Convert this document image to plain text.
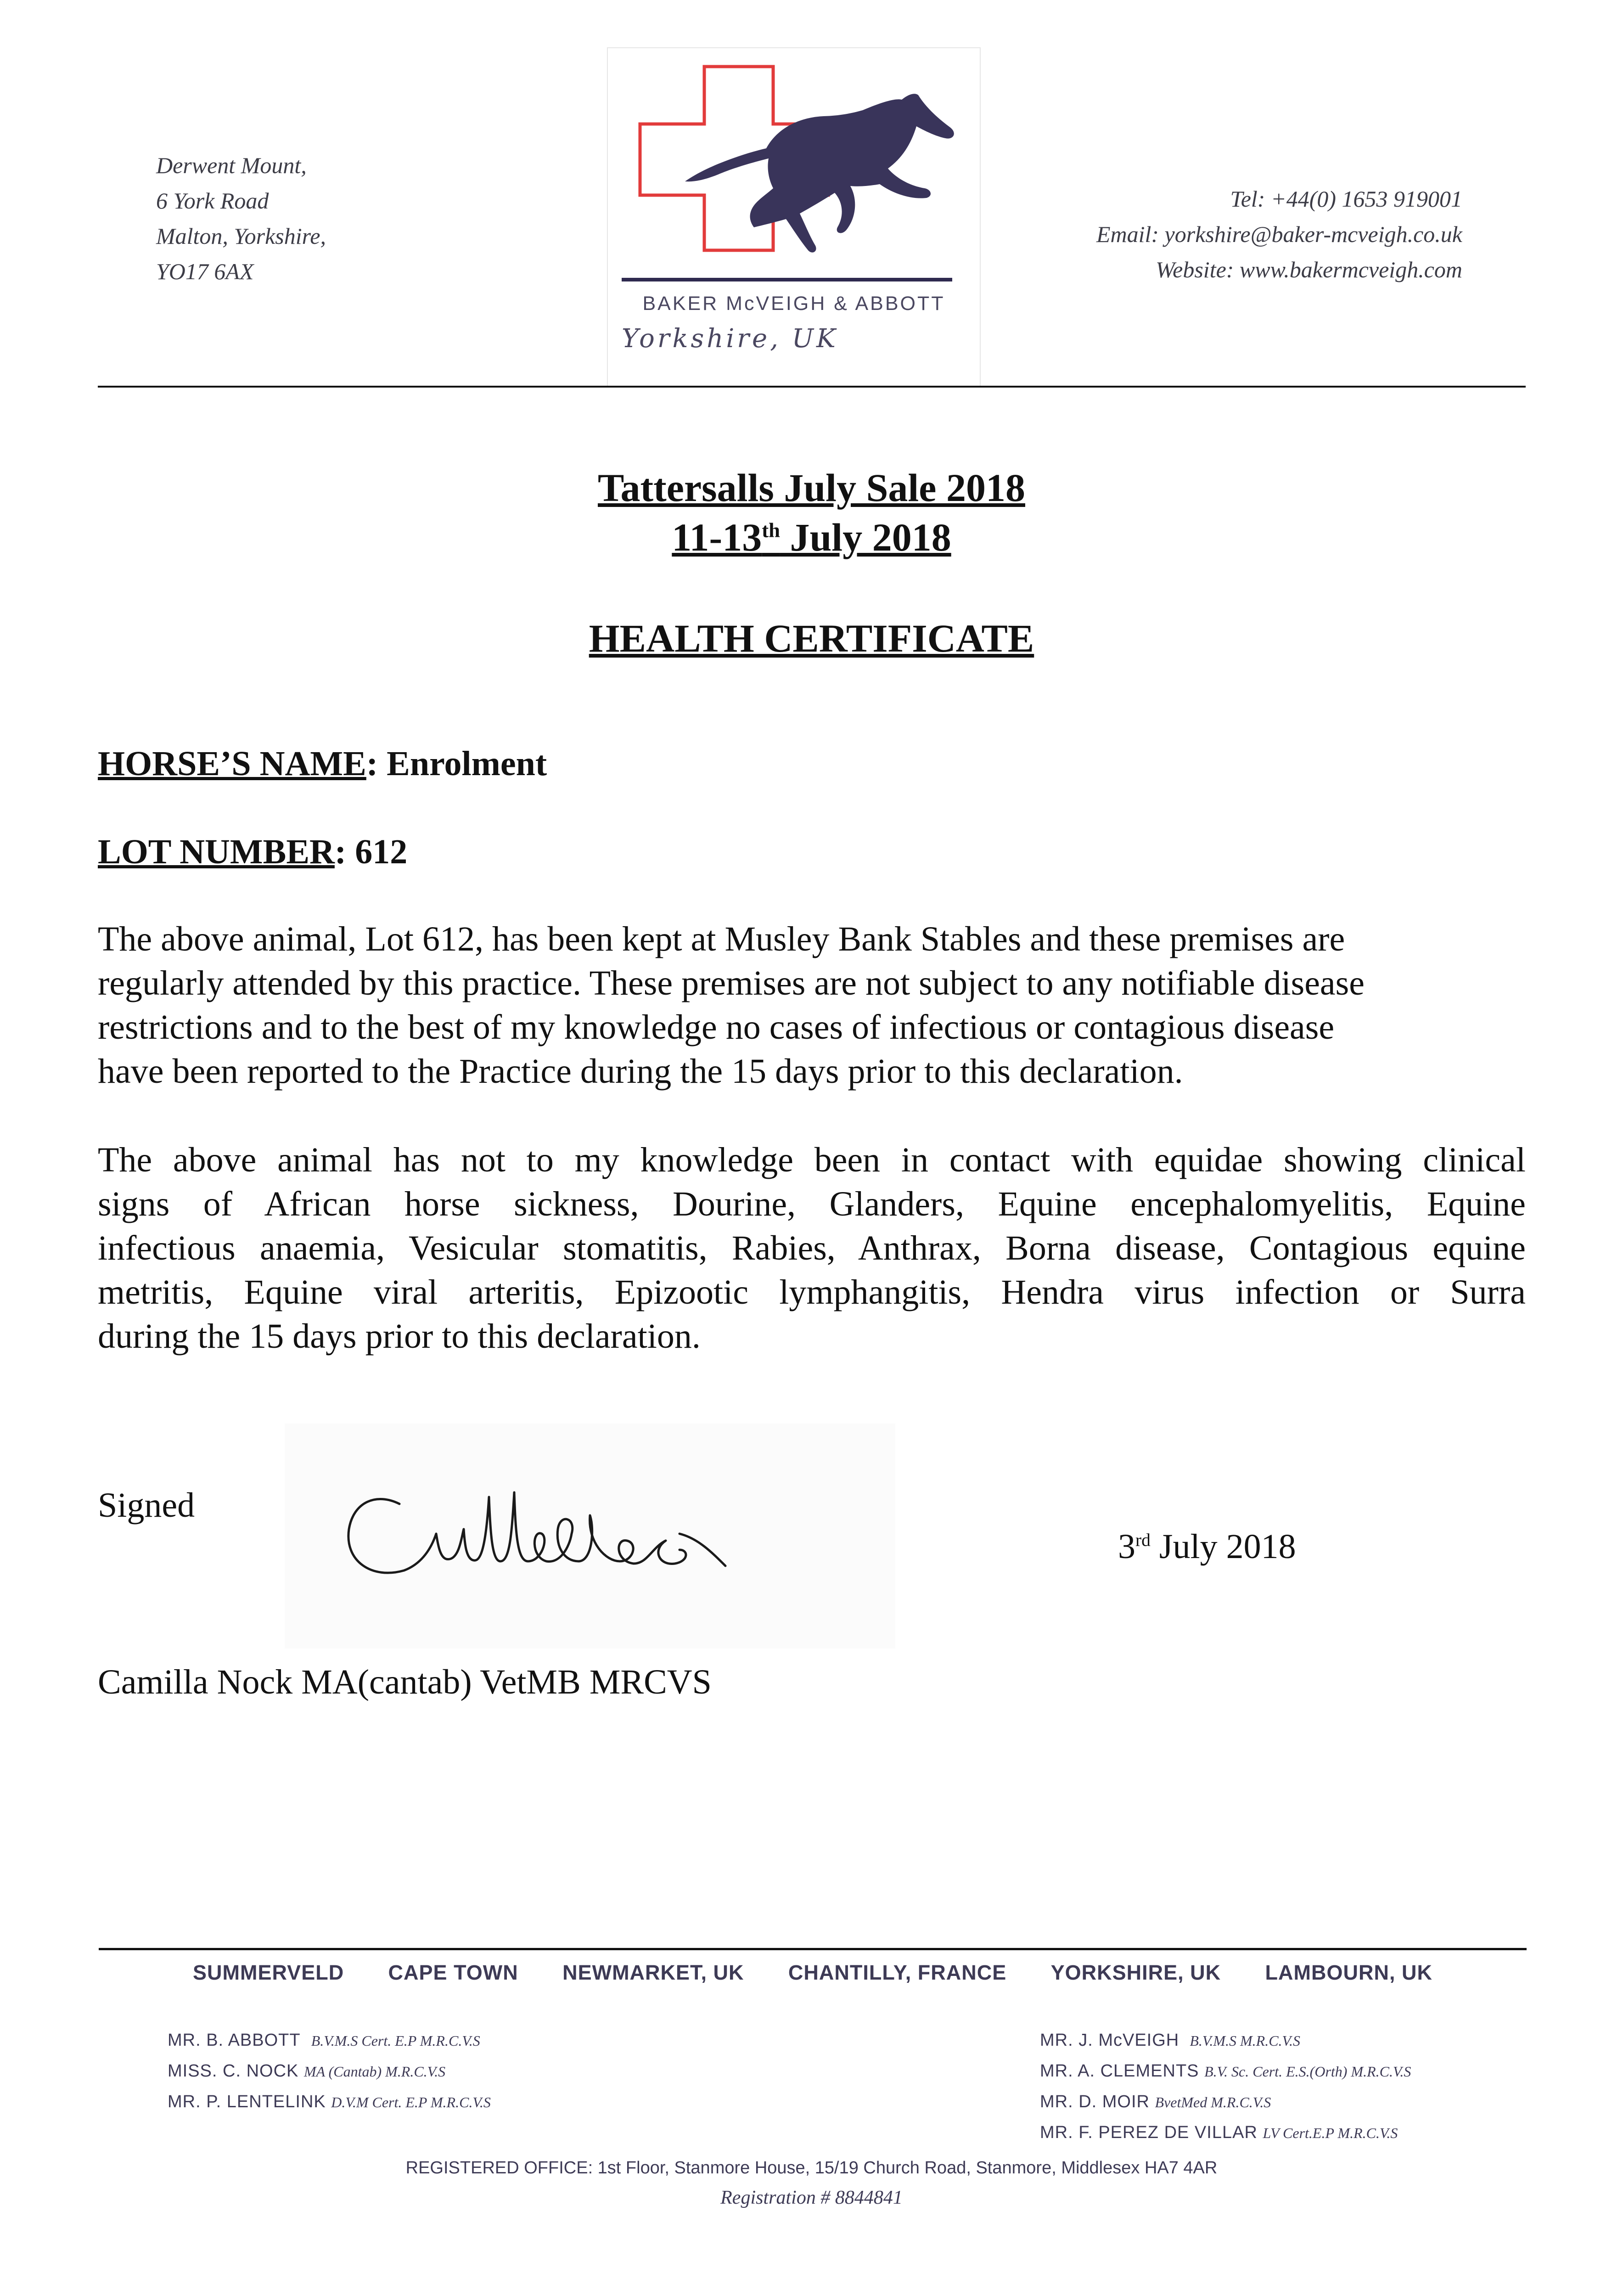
Derwent Mount,
6 York Road
Malton, Yorkshire,
YO17 6AX
BAKER McVEIGH & ABBOTT
Yorkshire, UK
Tel: +44(0) 1653 919001
Email: yorkshire@baker-mcveigh.co.uk
Website: www.bakermcveigh.com
Tattersalls July Sale 2018
11-13th July 2018
HEALTH CERTIFICATE
HORSE’S NAME: Enrolment
LOT NUMBER: 612
The above animal, Lot 612, has been kept at Musley Bank Stables and these premises are
regularly attended by this practice. These premises are not subject to any notifiable disease
restrictions and to the best of my knowledge no cases of infectious or contagious disease
have been reported to the Practice during the 15 days prior to this declaration.
The above animal has not to my knowledge been in contact with equidae showing clinical
signs of African horse sickness, Dourine, Glanders, Equine encephalomyelitis, Equine
infectious anaemia, Vesicular stomatitis, Rabies, Anthrax, Borna disease, Contagious equine
metritis, Equine viral arteritis, Epizootic lymphangitis, Hendra virus infection or Surra
during the 15 days prior to this declaration.
Signed
3rd July 2018
Camilla Nock MA(cantab) VetMB MRCVS
SUMMERVELD CAPE TOWN NEWMARKET, UK CHANTILLY, FRANCE YORKSHIRE, UK LAMBOURN, UK
MR. B. ABBOTT B.V.M.S Cert. E.P M.R.C.V.S
MISS. C. NOCK MA (Cantab) M.R.C.V.S
MR. P. LENTELINK D.V.M Cert. E.P M.R.C.V.S
MR. J. McVEIGH B.V.M.S M.R.C.V.S
MR. A. CLEMENTS B.V. Sc. Cert. E.S.(Orth) M.R.C.V.S
MR. D. MOIR BvetMed M.R.C.V.S
MR. F. PEREZ DE VILLAR LV Cert.E.P M.R.C.V.S
REGISTERED OFFICE: 1st Floor, Stanmore House, 15/19 Church Road, Stanmore, Middlesex HA7 4AR
Registration # 8844841
